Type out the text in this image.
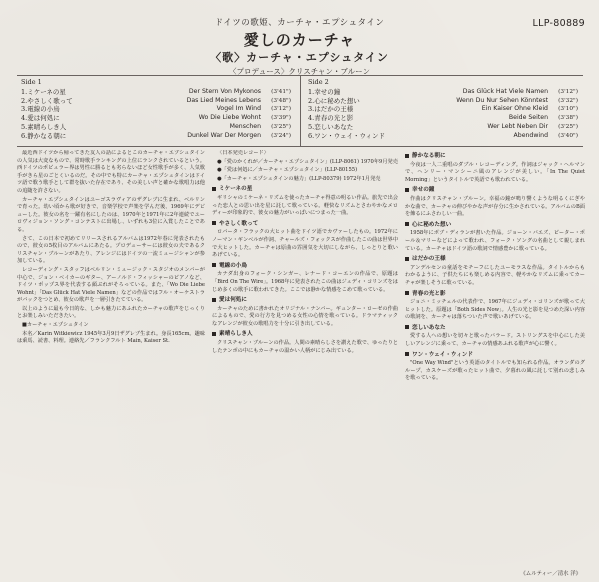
ドイツの歌姫、カーチャ・エプシュタイン	LLP-80889
愛しのカーチャ
〈歌〉カーチャ・エプシュタイン
〈プロデュース〉クリスチャン・ブルーン
Side 1
1.ミケーネの星	Der Stern Von Mykonos	(3'41")
2.やさしく歌って	Das Lied Meines Lebens	(3'48")
3.電線の小鳥	Vogel Im Wind	(3'12")
4.愛は何処に	Wo Die Liebe Wohnt	(3'39")
5.素晴らしき人	Menschen	(3'25")
6.静かなる朝に	Dunkel War Der Morgen	(3'24")
Side 2
1.幸せの鐘	Das Glück Hat Viele Namen	(3'12")
2.心に秘めた想い	Wenn Du Nur Sehen Könntest	(3'32")
3.はだかの王様	Ein Kaiser Ohne Kleid	(3'10")
4.青春の光と影	Beide Seiten	(3'38")
5.恋しいあなた	Wer Lebt Neben Dir	(3'25")
6.ワン・ウェイ・ウィンド	Abendwind	(3'40")

最近西ドイツから帰ってきた友人の話によるとこのカーチャ・エプシュタインの人気は大変なもので、常時歌手ランキングの上位にランクされているという。西ドイツのポピュラー界は男性に勝るとも劣らないほど女性歌手が多く、人気歌手がきら星のごとくいるのだ。その中でも特にカーチャ・エプシュタインはドイツ語で歌う歌手として群を抜いた存在であり、その美しい声と確かな歌唱力は他の追随を許さない。

カーチャ・エプシュタインはユーゴスラヴィアのザグレブに生まれ、ベルリンで育った。幼い頃から歌が好きで、音楽学校で声楽を学んだ後、1969年にデビューした。彼女の名を一躍有名にしたのは、1970年と1971年に2年連続でユーロヴィジョン・ソング・コンテストに出場し、いずれも3位に入賞したことである。

さて、この日本で初めてリリースされるアルバムは1972年春に発表されたもので、彼女の5枚目のアルバムにあたる。プロデューサーには彼女の夫であるクリスチャン・ブルーンがあたり、アレンジにはドイツの一流ミュージシャンが参加している。

レコーディング・スタッフはベルリン・ミュージック・スタジオのメンバーが中心で、ジョン・ベイカーのギター、アーノルド・フィッシャーのピアノなど、ドイツ・ポップス界を代表する顔ぶれがそろっている。また、「Wo Die Liebe Wohnt」「Das Glück Hat Viele Namen」などの作品ではフル・オーケストラがバックをつとめ、彼女の歌声を一層引きたてている。

以上のように最も今日的な、しかも魅力にあふれたカーチャの歌声をじっくりとお楽しみいただきたい。

■カーチャ・エプシュタイン

本名／Karin Witkiewicz 1945年3月9日ザグレブ生まれ。身長165cm。趣味は乗馬、読書、料理。連絡先／フランクフルト Main, Kaiser St.

〈日本発売レコード〉

●「愛のかくれが／カーチャ・エプシュタイン」(LLP-8061) 1970年9月発売

●「愛は何処に／カーチャ・エプシュタイン」(LLP-80155)

●「カーチャ・エプシュタインの魅力」(LLP-80379) 1972年1月発売

ミケーネの星

ギリシャのミケーネ・リズムを使ったカーチャ得意の明るい作品。旅先で出会った恋人との思い出を星に託して歌っている。軽快なリズムとさわやかなメロディーが印象的で、彼女の魅力がいっぱいにつまった一曲。

やさしく歌って

ロバータ・フラックの大ヒット曲をドイツ語でカヴァーしたもの。1972年にノーマン・ギンベルが作詞、チャールズ・フォックスが作曲したこの曲は世界中で大ヒットした。カーチャは原曲の雰囲気を大切にしながら、しっとりと歌いあげている。

電線の小鳥

カナダ出身のフォーク・シンガー、レナード・コーエンの作品で、原題は「Bird On The Wire」。1968年に発表されたこの曲はジュディ・コリンズをはじめ多くの歌手に歌われてきた。ここでは静かな情感をこめて歌っている。

愛は何処に

カーチャのために書かれたオリジナル・ナンバー。ギュンター・ローゼの作曲によるもので、愛の行方を見つめる女性の心情を歌っている。ドラマティックなアレンジが彼女の歌唱力を十分に引き出している。

素晴らしき人

クリスチャン・ブルーンの作品。人間の素晴らしさを讃えた歌で、ゆったりとしたテンポの中にもカーチャの温かい人柄がにじみ出ている。

静かなる朝に

今夜は一人二重唱のダブル・レコーディング。作詞はジャック・ヘルマンで、ヘンリー・マンシーニ風のアレンジが美しい。「In The Quiet Morning」というタイトルで英語でも歌われている。

幸せの鐘

作曲はクリスチャン・ブルーン。幸福の鐘が鳴り響くような明るくにぎやかな曲で、カーチャの伸びやかな声が存分に生かされている。アルバムのB面を飾るにふさわしい一曲。

心に秘めた想い

1958年にボブ・ディランが書いた作品。ジョーン・バエズ、ピーター・ポール＆マリーなどによって歌われ、フォーク・ソングの名曲として親しまれている。カーチャはドイツ語の歌詞で情感豊かに歌っている。

はだかの王様

アンデルセンの童話をモチーフにしたユーモラスな作品。タイトルからもわかるように、子供たちにも楽しめる内容で、軽やかなリズムに乗ってカーチャが楽しそうに歌っている。

青春の光と影

ジョニ・ミッチェルの代表作で、1967年にジュディ・コリンズが歌って大ヒットした。原題は「Both Sides Now」。人生の光と影を見つめた深い内容の歌詞を、カーチャは落ちついた声で歌いあげている。

恋しいあなた

愛する人への想いを切々と歌ったバラード。ストリングスを中心にした美しいアレンジに乗って、カーチャの情感あふれる歌声が心に響く。

ワン・ウェイ・ウィンド

"One Way Wind"という英語のタイトルでも知られる作品。オランダのグループ、カスケーズが歌ったヒット曲で、夕暮れの風に託して別れの悲しみを歌っている。

《ムルティー／清水 洋》
